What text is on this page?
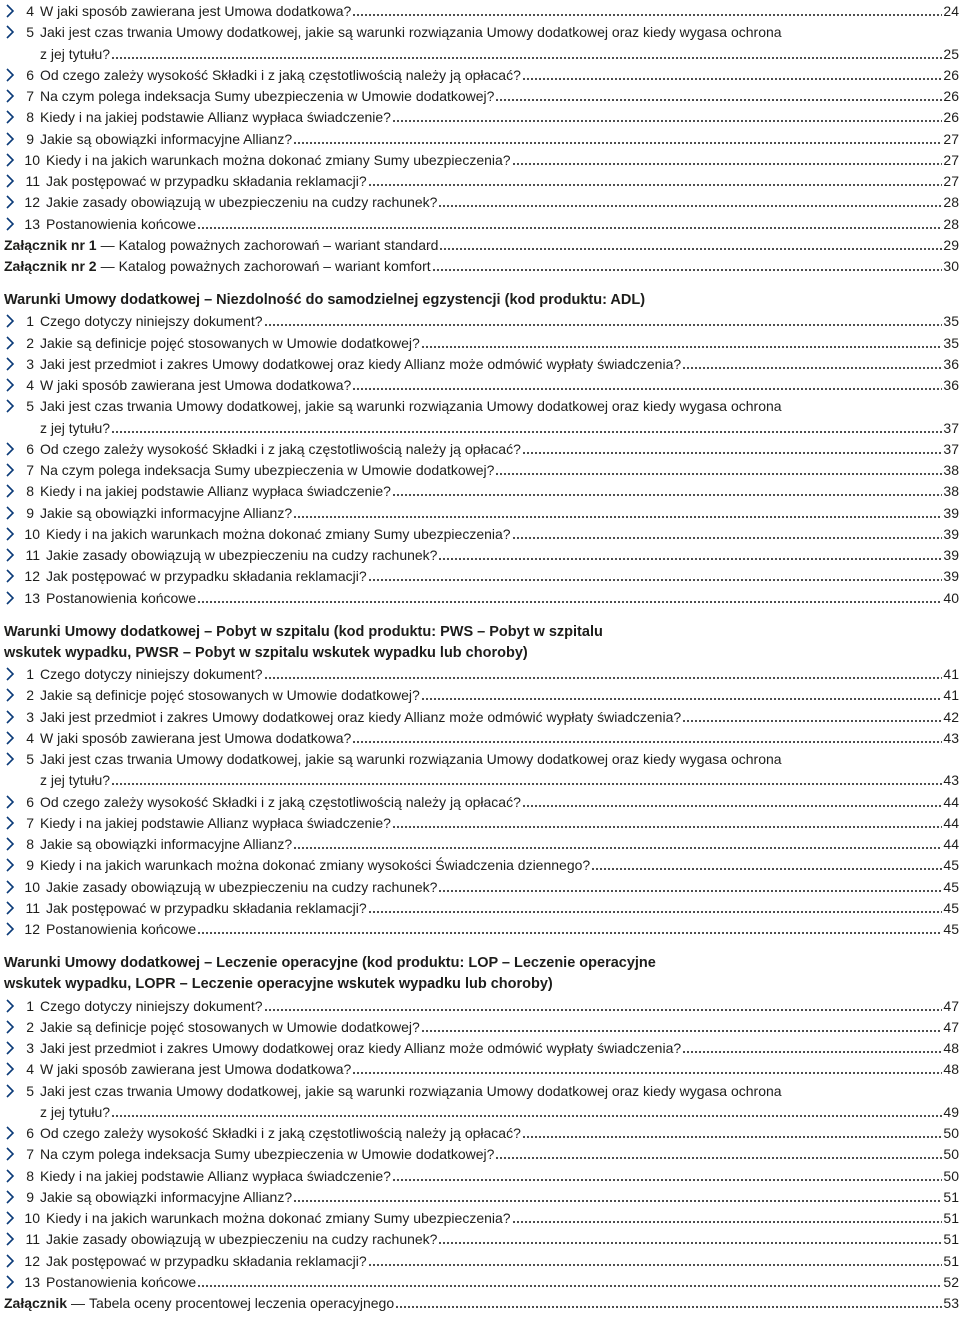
4 W jaki sposób zawierana jest Umowa dodatkowa?	24
5 Jaki jest czas trwania Umowy dodatkowej, jakie są warunki rozwiązania Umowy dodatkowej oraz kiedy wygasa ochrona
z jej tytułu?	25
6 Od czego zależy wysokość Składki i z jaką częstotliwością należy ją opłacać?	26
7 Na czym polega indeksacja Sumy ubezpieczenia w Umowie dodatkowej?	26
8 Kiedy i na jakiej podstawie Allianz wypłaca świadczenie?	26
9 Jakie są obowiązki informacyjne Allianz?	27
10 Kiedy i na jakich warunkach można dokonać zmiany Sumy ubezpieczenia?	27
11 Jak postępować w przypadku składania reklamacji?	27
12 Jakie zasady obowiązują w ubezpieczeniu na cudzy rachunek?	28
13 Postanowienia końcowe	28
Załącznik nr 1 — Katalog poważnych zachorowań – wariant standard	29
Załącznik nr 2 — Katalog poważnych zachorowań – wariant komfort	30
Warunki Umowy dodatkowej – Niezdolność do samodzielnej egzystencji (kod produktu: ADL)
1 Czego dotyczy niniejszy dokument?	35
2 Jakie są definicje pojęć stosowanych w Umowie dodatkowej?	35
3 Jaki jest przedmiot i zakres Umowy dodatkowej oraz kiedy Allianz może odmówić wypłaty świadczenia?	36
4 W jaki sposób zawierana jest Umowa dodatkowa?	36
5 Jaki jest czas trwania Umowy dodatkowej, jakie są warunki rozwiązania Umowy dodatkowej oraz kiedy wygasa ochrona
z jej tytułu?	37
6 Od czego zależy wysokość Składki i z jaką częstotliwością należy ją opłacać?	37
7 Na czym polega indeksacja Sumy ubezpieczenia w Umowie dodatkowej?	38
8 Kiedy i na jakiej podstawie Allianz wypłaca świadczenie?	38
9 Jakie są obowiązki informacyjne Allianz?	39
10 Kiedy i na jakich warunkach można dokonać zmiany Sumy ubezpieczenia?	39
11 Jakie zasady obowiązują w ubezpieczeniu na cudzy rachunek?	39
12 Jak postępować w przypadku składania reklamacji?	39
13 Postanowienia końcowe	40
Warunki Umowy dodatkowej – Pobyt w szpitalu (kod produktu: PWS – Pobyt w szpitalu
wskutek wypadku, PWSR – Pobyt w szpitalu wskutek wypadku lub choroby)
1 Czego dotyczy niniejszy dokument?	41
2 Jakie są definicje pojęć stosowanych w Umowie dodatkowej?	41
3 Jaki jest przedmiot i zakres Umowy dodatkowej oraz kiedy Allianz może odmówić wypłaty świadczenia?	42
4 W jaki sposób zawierana jest Umowa dodatkowa?	43
5 Jaki jest czas trwania Umowy dodatkowej, jakie są warunki rozwiązania Umowy dodatkowej oraz kiedy wygasa ochrona
z jej tytułu?	43
6 Od czego zależy wysokość Składki i z jaką częstotliwością należy ją opłacać?	44
7 Kiedy i na jakiej podstawie Allianz wypłaca świadczenie?	44
8 Jakie są obowiązki informacyjne Allianz?	44
9 Kiedy i na jakich warunkach można dokonać zmiany wysokości Świadczenia dziennego?	45
10 Jakie zasady obowiązują w ubezpieczeniu na cudzy rachunek?	45
11 Jak postępować w przypadku składania reklamacji?	45
12 Postanowienia końcowe	45
Warunki Umowy dodatkowej – Leczenie operacyjne (kod produktu: LOP – Leczenie operacyjne
wskutek wypadku, LOPR – Leczenie operacyjne wskutek wypadku lub choroby)
1 Czego dotyczy niniejszy dokument?	47
2 Jakie są definicje pojęć stosowanych w Umowie dodatkowej?	47
3 Jaki jest przedmiot i zakres Umowy dodatkowej oraz kiedy Allianz może odmówić wypłaty świadczenia?	48
4 W jaki sposób zawierana jest Umowa dodatkowa?	48
5 Jaki jest czas trwania Umowy dodatkowej, jakie są warunki rozwiązania Umowy dodatkowej oraz kiedy wygasa ochrona
z jej tytułu?	49
6 Od czego zależy wysokość Składki i z jaką częstotliwością należy ją opłacać?	50
7 Na czym polega indeksacja Sumy ubezpieczenia w Umowie dodatkowej?	50
8 Kiedy i na jakiej podstawie Allianz wypłaca świadczenie?	50
9 Jakie są obowiązki informacyjne Allianz?	51
10 Kiedy i na jakich warunkach można dokonać zmiany Sumy ubezpieczenia?	51
11 Jakie zasady obowiązują w ubezpieczeniu na cudzy rachunek?	51
12 Jak postępować w przypadku składania reklamacji?	51
13 Postanowienia końcowe	52
Załącznik — Tabela oceny procentowej leczenia operacyjnego	53
